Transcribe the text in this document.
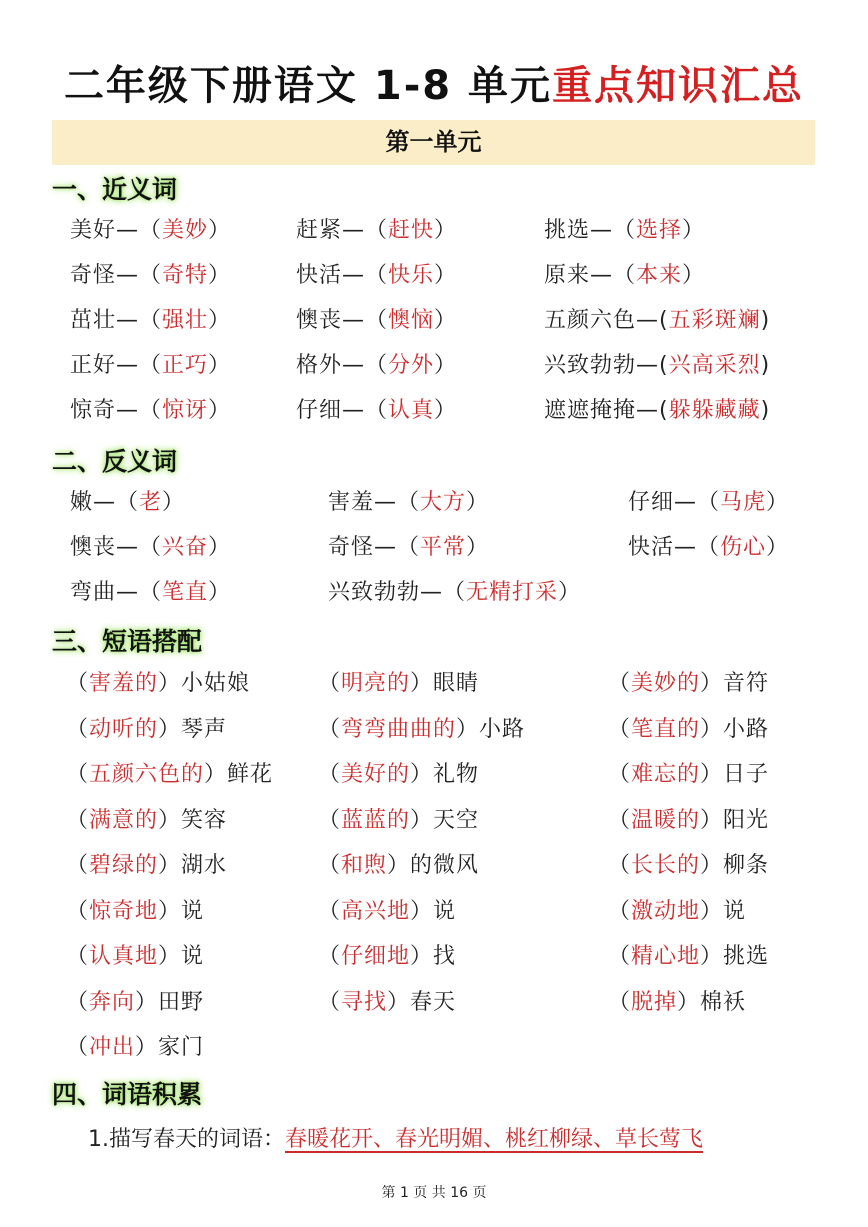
二年级下册语文 1-8 单元重点知识汇总
第一单元
一、近义词
美好—（美妙）	赶紧—（赶快）	挑选—（选择）
奇怪—（奇特）	快活—（快乐）	原来—（本来）
茁壮—（强壮）	懊丧—（懊恼）	五颜六色—(五彩斑斓)
正好—（正巧）	格外—（分外）	兴致勃勃—(兴高采烈)
惊奇—（惊讶）	仔细—（认真）	遮遮掩掩—(躲躲藏藏)
二、反义词
嫩—（老）	害羞—（大方）	仔细—（马虎）
懊丧—（兴奋）	奇怪—（平常）	快活—（伤心）
弯曲—（笔直）	兴致勃勃—（无精打采）
三、短语搭配
（害羞的）小姑娘	（明亮的）眼睛	（美妙的）音符
（动听的）琴声	（弯弯曲曲的）小路	（笔直的）小路
（五颜六色的）鲜花 （美好的）礼物	（难忘的）日子
（满意的）笑容	（蓝蓝的）天空	（温暖的）阳光
（碧绿的）湖水	（和煦）的微风	（长长的）柳条
（惊奇地）说	（高兴地）说	（激动地）说
（认真地）说	（仔细地）找	（精心地）挑选
（奔向）田野	（寻找）春天	（脱掉）棉袄
（冲出）家门
四、词语积累
1.描写春天的词语：春暖花开、春光明媚、桃红柳绿、草长莺飞
第 1 页 共 16 页
